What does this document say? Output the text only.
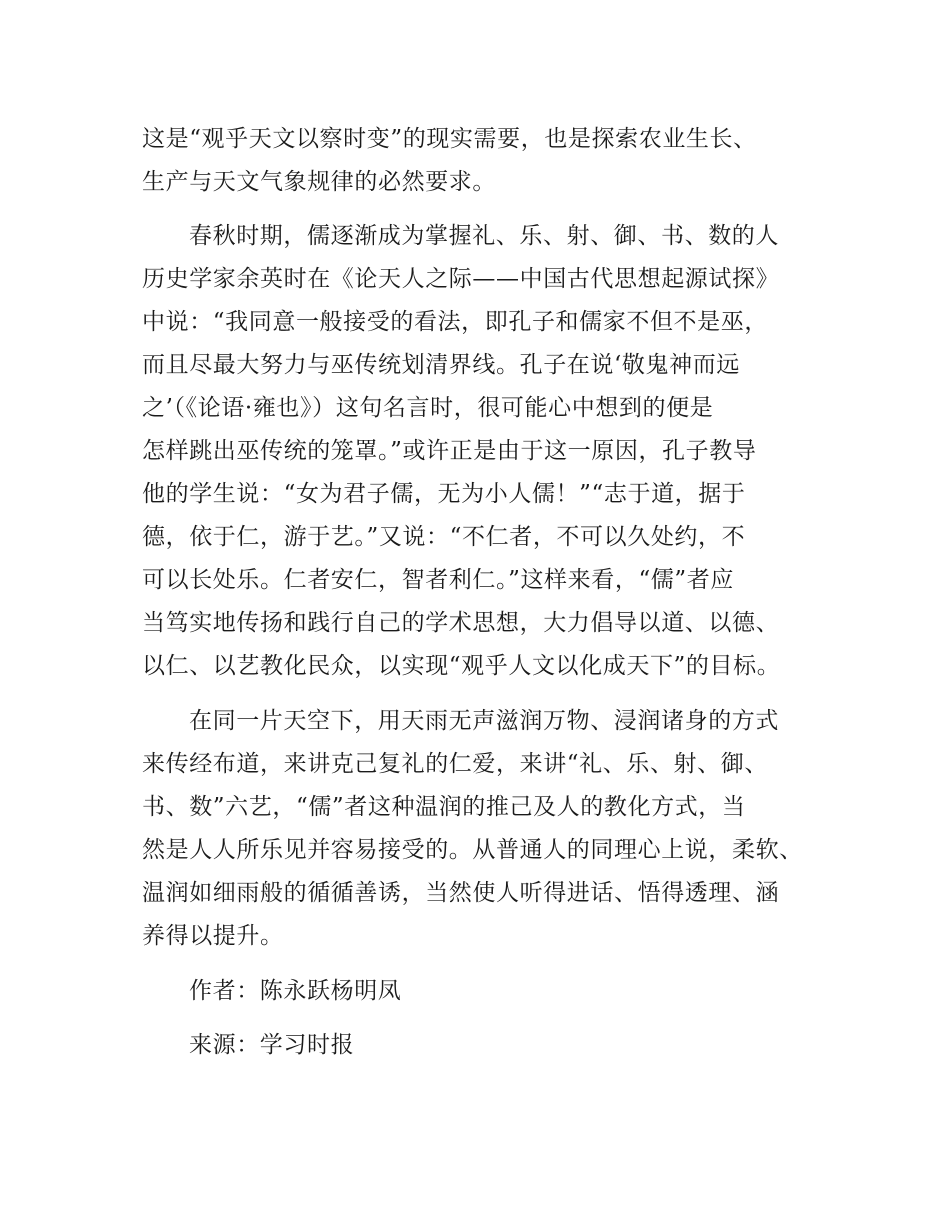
这是“观乎天文以察时变”的现实需要，也是探索农业生长、
生产与天文气象规律的必然要求。
春秋时期，儒逐渐成为掌握礼、乐、射、御、书、数的人
历史学家余英时在《论天人之际——中国古代思想起源试探》
中说：“我同意一般接受的看法，即孔子和儒家不但不是巫，
而且尽最大努力与巫传统划清界线。孔子在说‘敬鬼神而远
之’（《论语·雍也》）这句名言时，很可能心中想到的便是
怎样跳出巫传统的笼罩。”或许正是由于这一原因，孔子教导
他的学生说：“女为君子儒，无为小人儒！”“志于道，据于
德，依于仁，游于艺。”又说：“不仁者，不可以久处约，不
可以长处乐。仁者安仁，智者利仁。”这样来看，“儒”者应
当笃实地传扬和践行自己的学术思想，大力倡导以道、以德、
以仁、以艺教化民众，以实现“观乎人文以化成天下”的目标。
在同一片天空下，用天雨无声滋润万物、浸润诸身的方式
来传经布道，来讲克己复礼的仁爱，来讲“礼、乐、射、御、
书、数”六艺，“儒”者这种温润的推己及人的教化方式，当
然是人人所乐见并容易接受的。从普通人的同理心上说，柔软、
温润如细雨般的循循善诱，当然使人听得进话、悟得透理、涵
养得以提升。
作者：陈永跃杨明凤
来源：学习时报
